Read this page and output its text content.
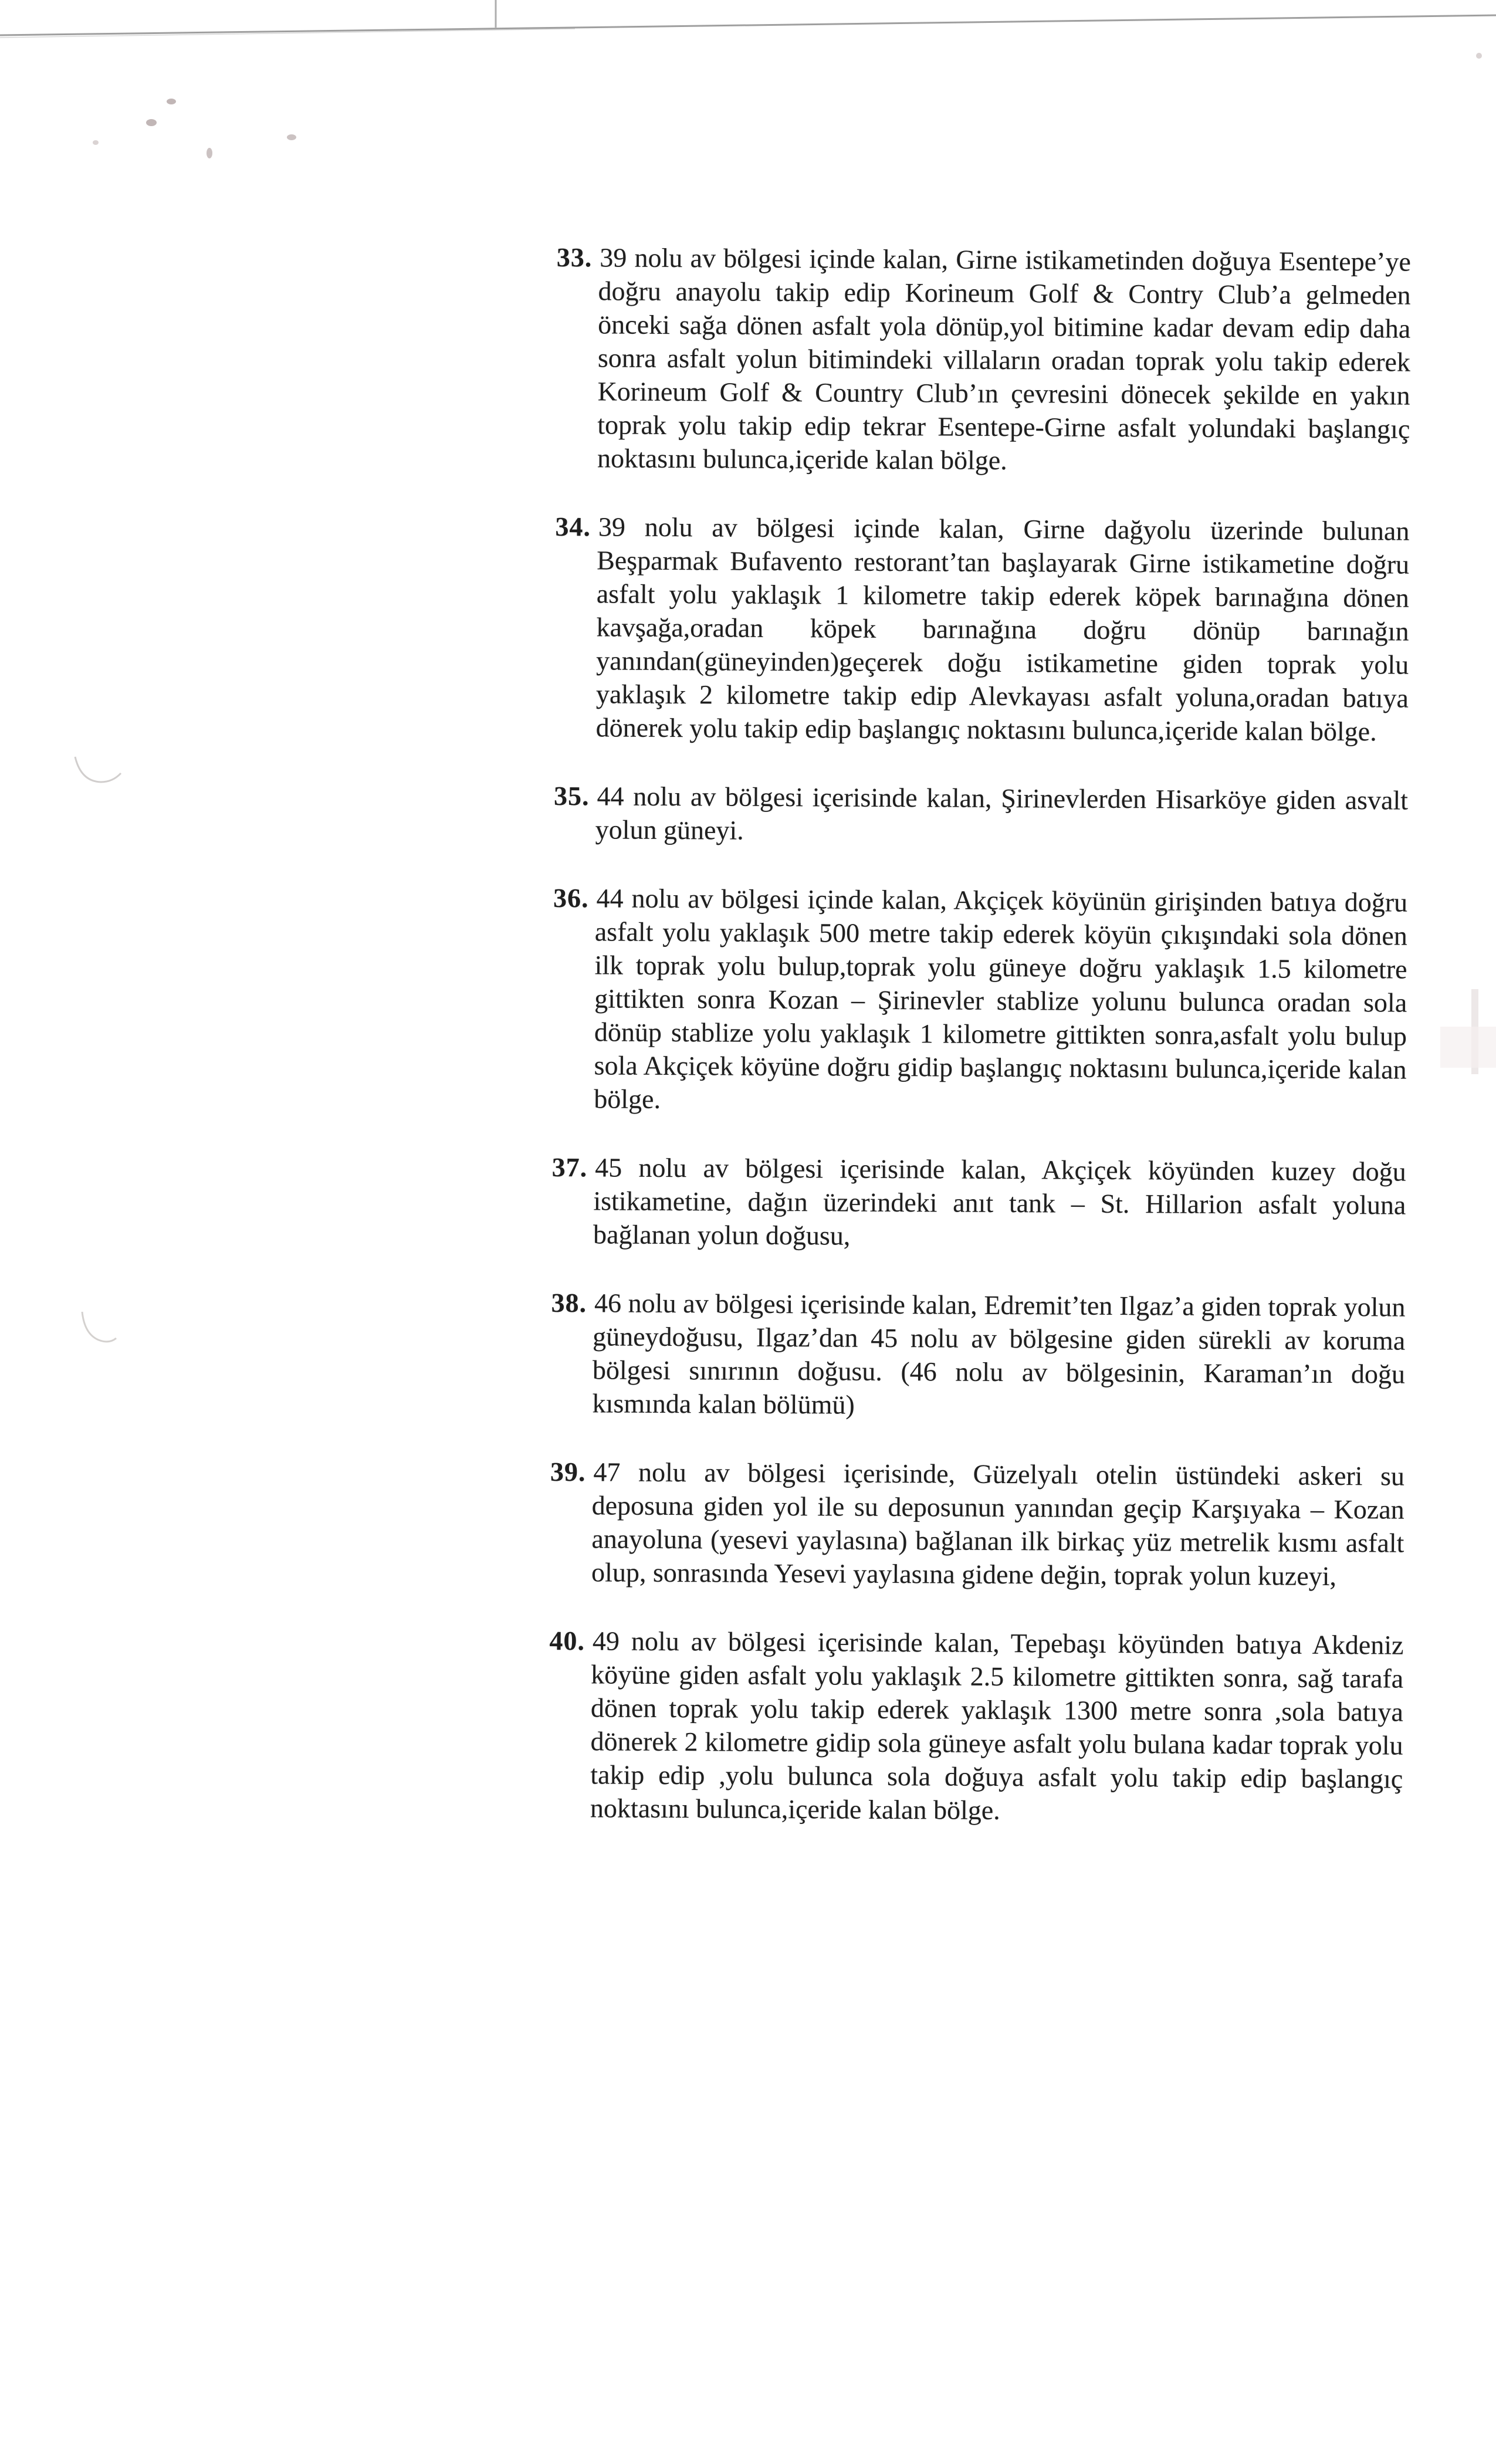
33. 39 nolu av bölgesi içinde kalan, Girne istikametinden doğuya Esentepe’ye doğru anayolu takip edip Korineum Golf & Contry Club’a gelmeden önceki sağa dönen asfalt yola dönüp,yol bitimine kadar devam edip daha sonra asfalt yolun bitimindeki villaların oradan toprak yolu takip ederek Korineum Golf & Country Club’ın çevresini dönecek şekilde en yakın toprak yolu takip edip tekrar Esentepe-Girne asfalt yolundaki başlangıç noktasını bulunca,içeride kalan bölge.

34. 39 nolu av bölgesi içinde kalan, Girne dağyolu üzerinde bulunan Beşparmak Bufavento restorant’tan başlayarak Girne istikametine doğru asfalt yolu yaklaşık 1 kilometre takip ederek köpek barınağına dönen kavşağa,oradan köpek barınağına doğru dönüp barınağın yanından(güneyinden)geçerek doğu istikametine giden toprak yolu yaklaşık 2 kilometre takip edip Alevkayası asfalt yoluna,oradan batıya dönerek yolu takip edip başlangıç noktasını bulunca,içeride kalan bölge.

35. 44 nolu av bölgesi içerisinde kalan, Şirinevlerden Hisarköye giden asvalt yolun güneyi.

36. 44 nolu av bölgesi içinde kalan, Akçiçek köyünün girişinden batıya doğru asfalt yolu yaklaşık 500 metre takip ederek köyün çıkışındaki sola dönen ilk toprak yolu bulup,toprak yolu güneye doğru yaklaşık 1.5 kilometre gittikten sonra Kozan – Şirinevler stablize yolunu bulunca oradan sola dönüp stablize yolu yaklaşık 1 kilometre gittikten sonra,asfalt yolu bulup sola Akçiçek köyüne doğru gidip başlangıç noktasını bulunca,içeride kalan bölge.

37. 45 nolu av bölgesi içerisinde kalan, Akçiçek köyünden kuzey doğu istikametine, dağın üzerindeki anıt tank – St. Hillarion asfalt yoluna bağlanan yolun doğusu,

38. 46 nolu av bölgesi içerisinde kalan, Edremit’ten Ilgaz’a giden toprak yolun güneydoğusu, Ilgaz’dan 45 nolu av bölgesine giden sürekli av koruma bölgesi sınırının doğusu. (46 nolu av bölgesinin, Karaman’ın doğu kısmında kalan bölümü)

39. 47 nolu av bölgesi içerisinde, Güzelyalı otelin üstündeki askeri su deposuna giden yol ile su deposunun yanından geçip Karşıyaka – Kozan anayoluna (yesevi yaylasına) bağlanan ilk birkaç yüz metrelik kısmı asfalt olup, sonrasında Yesevi yaylasına gidene değin, toprak yolun kuzeyi,

40. 49 nolu av bölgesi içerisinde kalan, Tepebaşı köyünden batıya Akdeniz köyüne giden asfalt yolu yaklaşık 2.5 kilometre gittikten sonra, sağ tarafa dönen toprak yolu takip ederek yaklaşık 1300 metre sonra ,sola batıya dönerek 2 kilometre gidip sola güneye asfalt yolu bulana kadar toprak yolu takip edip ,yolu bulunca sola doğuya asfalt yolu takip edip başlangıç noktasını bulunca,içeride kalan bölge.
